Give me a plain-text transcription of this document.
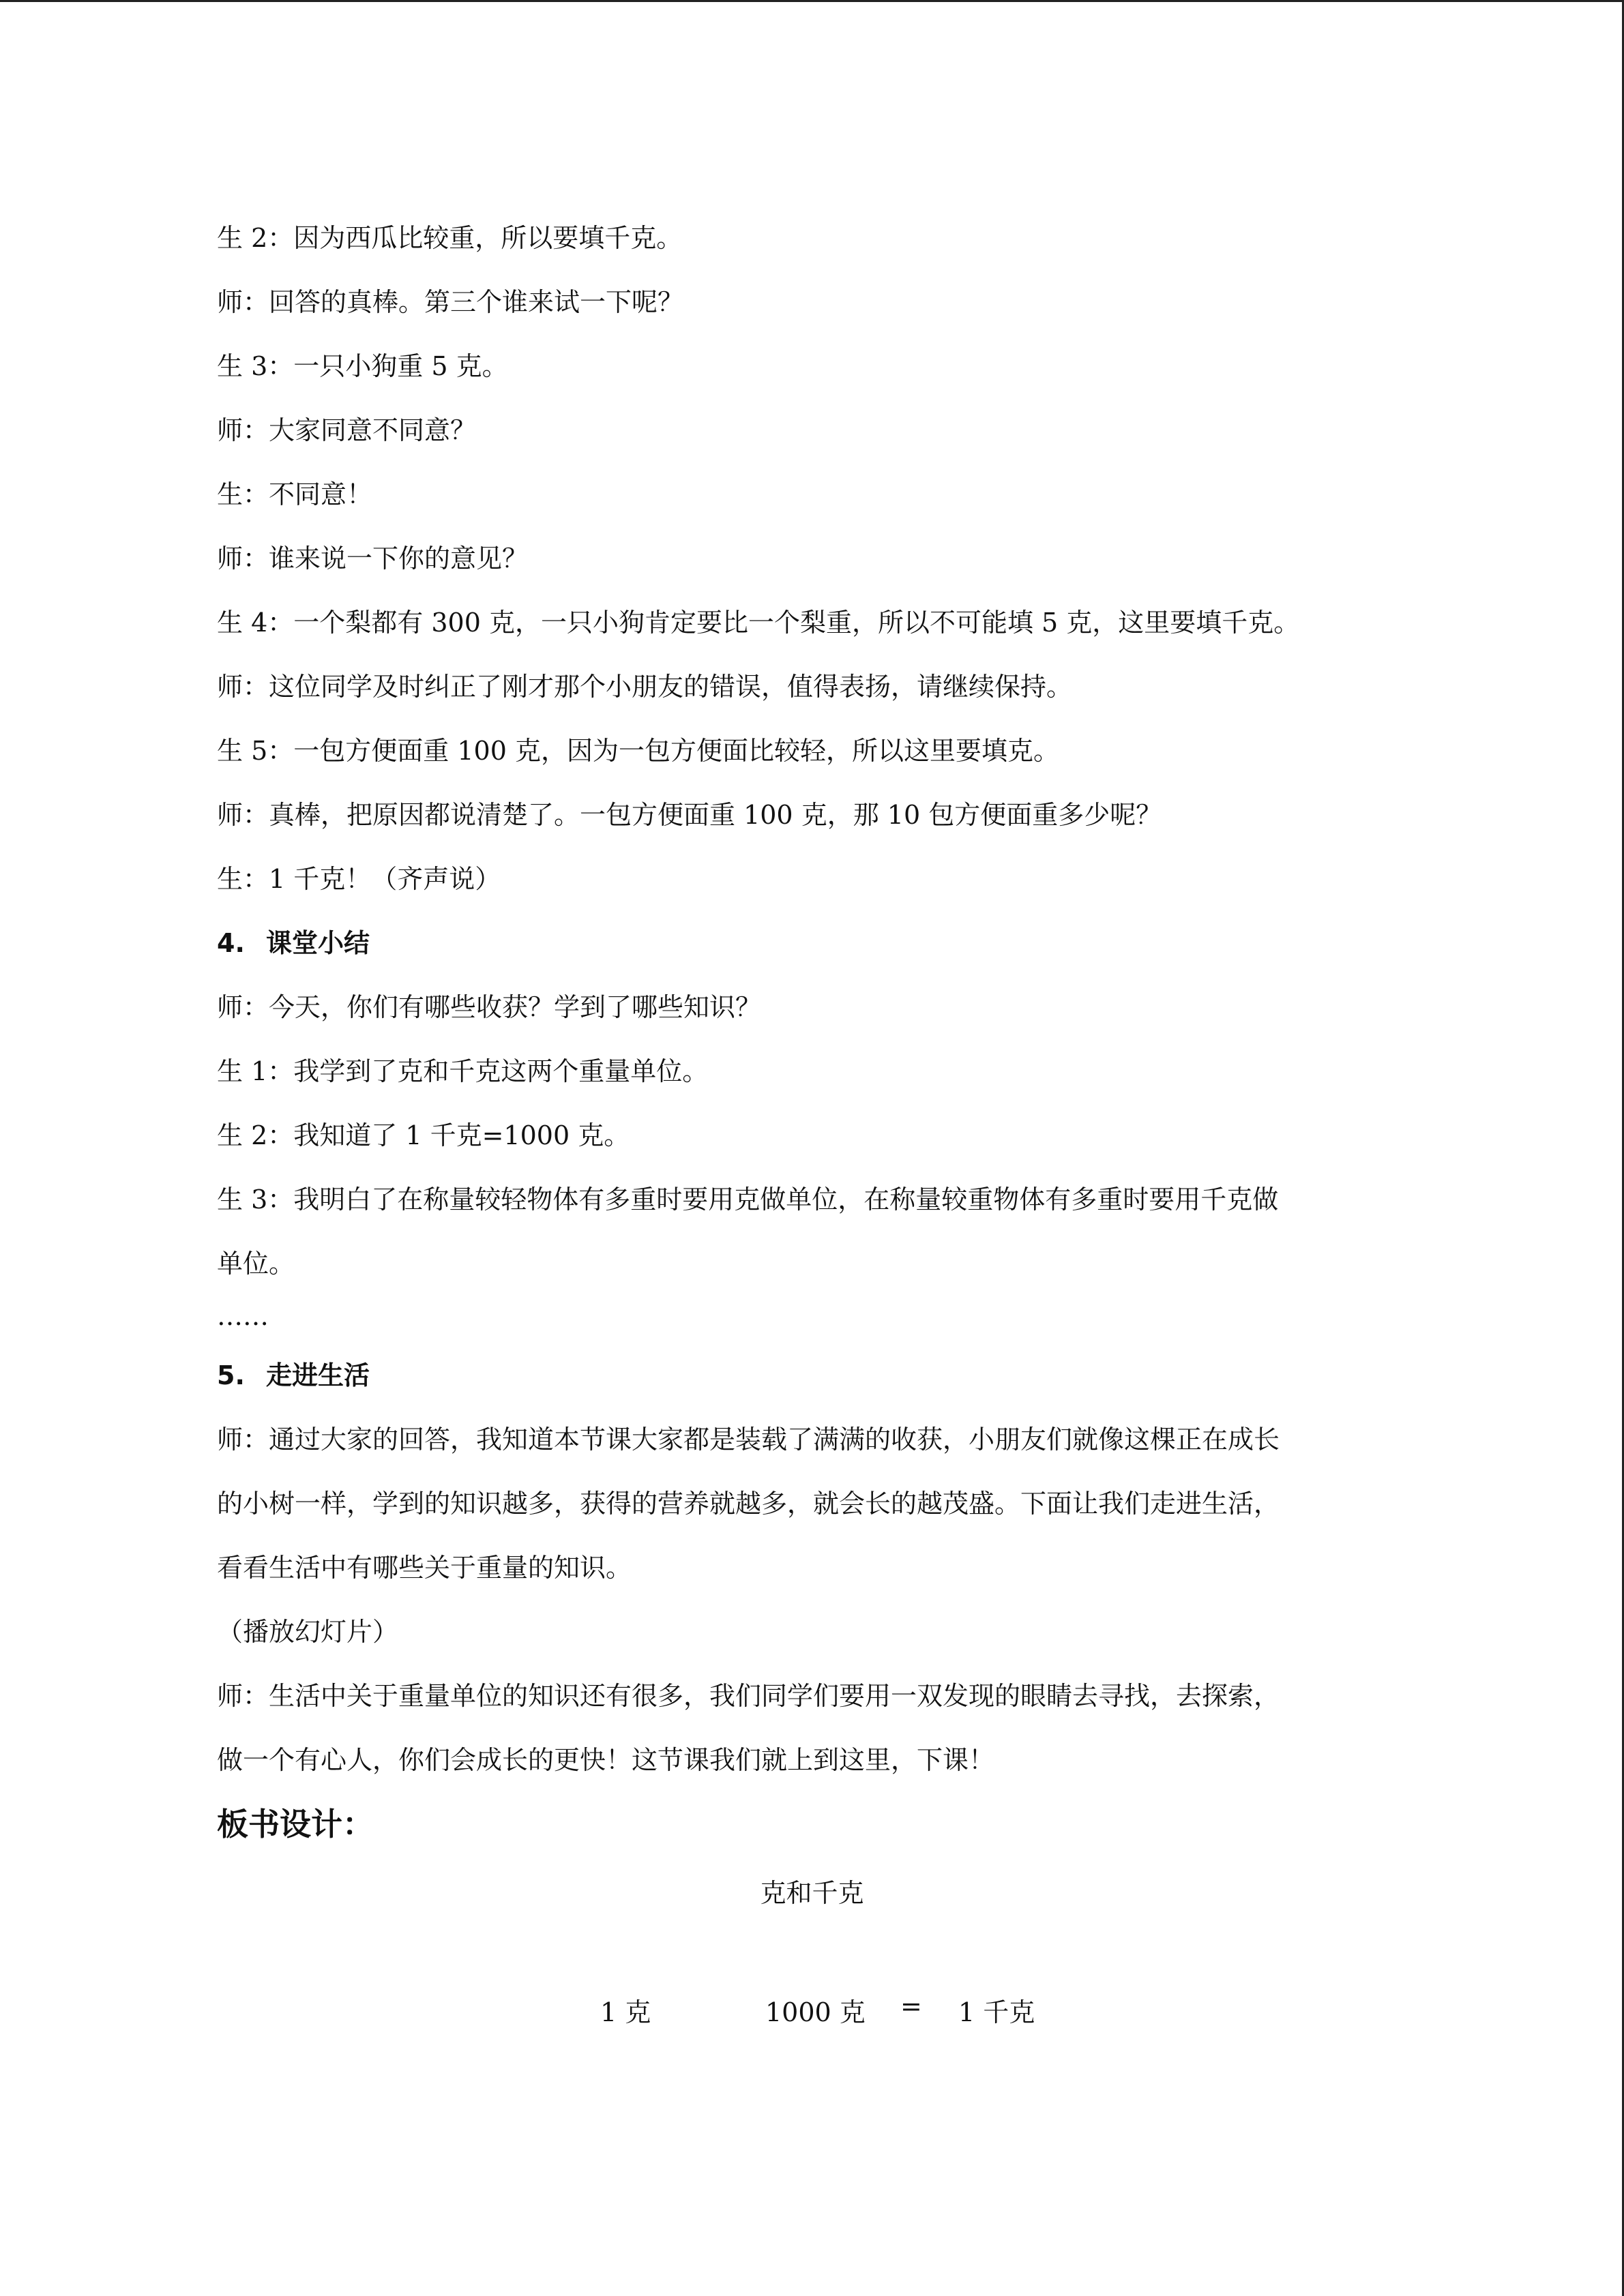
生 2：因为西瓜比较重，所以要填千克。
师：回答的真棒。第三个谁来试一下呢？
生 3：一只小狗重 5 克。
师：大家同意不同意？
生：不同意！
师：谁来说一下你的意见？
生 4：一个梨都有 300 克，一只小狗肯定要比一个梨重，所以不可能填 5 克，这里要填千克。
师：这位同学及时纠正了刚才那个小朋友的错误，值得表扬，请继续保持。
生 5：一包方便面重 100 克，因为一包方便面比较轻，所以这里要填克。
师：真棒，把原因都说清楚了。一包方便面重 100 克，那 10 包方便面重多少呢？
生：1 千克！（齐声说）
4. 课堂小结
师：今天，你们有哪些收获？学到了哪些知识？
生 1：我学到了克和千克这两个重量单位。
生 2：我知道了 1 千克=1000 克。
生 3：我明白了在称量较轻物体有多重时要用克做单位，在称量较重物体有多重时要用千克做
单位。
……
5. 走进生活
师：通过大家的回答，我知道本节课大家都是装载了满满的收获，小朋友们就像这棵正在成长
的小树一样，学到的知识越多，获得的营养就越多，就会长的越茂盛。下面让我们走进生活，
看看生活中有哪些关于重量的知识。
（播放幻灯片）
师：生活中关于重量单位的知识还有很多，我们同学们要用一双发现的眼睛去寻找，去探索，
做一个有心人，你们会成长的更快！这节课我们就上到这里，下课！
板书设计：
克和千克
1 克	1000 克 = 1 千克
